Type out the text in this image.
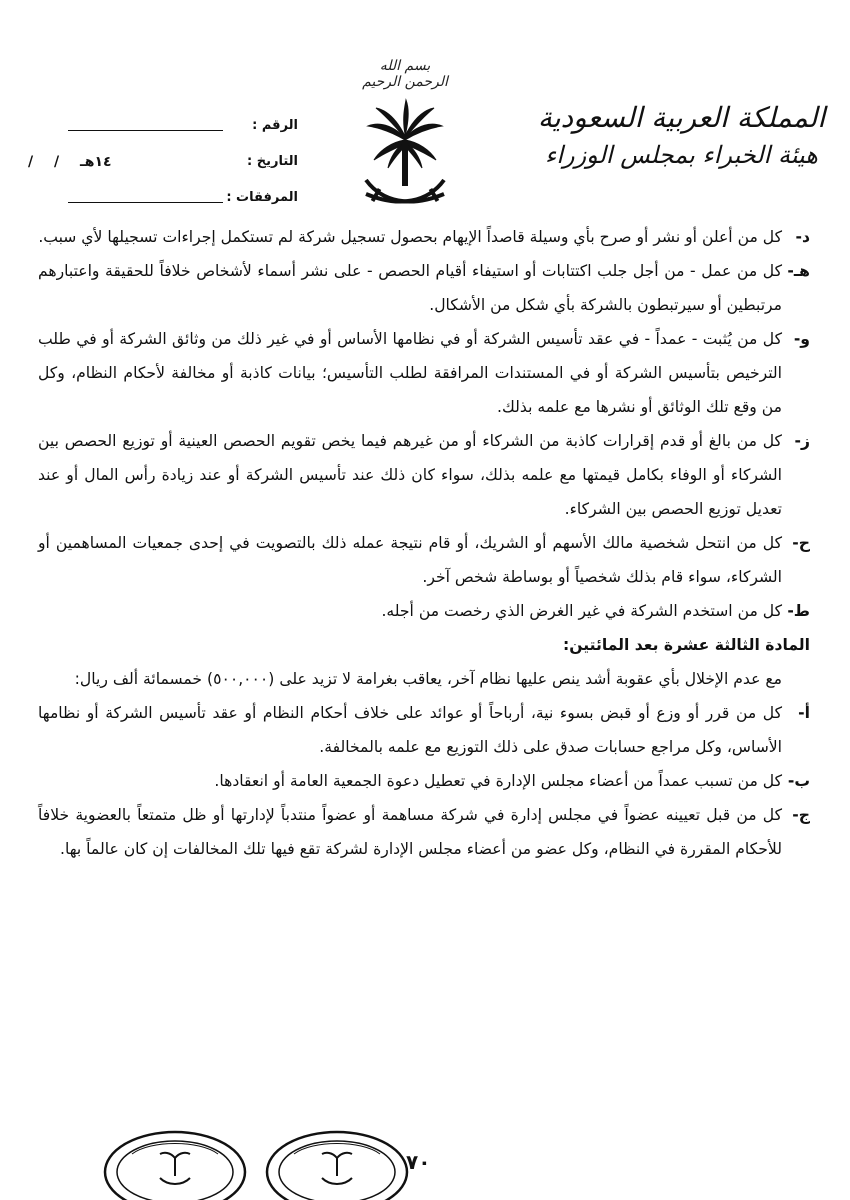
بسم الله الرحمن الرحيم
المملكة العربية السعودية
هيئة الخبراء بمجلس الوزراء
الرقم :
التاريخ :
/ / ١٤هـ
المرفقات :
د-
كل من أعلن أو نشر أو صرح بأي وسيلة قاصداً الإيهام بحصول تسجيل شركة لم تستكمل إجراءات تسجيلها لأي سبب.
هـ-
كل من عمل - من أجل جلب اكتتابات أو استيفاء أقيام الحصص - على نشر أسماء لأشخاص خلافاً للحقيقة واعتبارهم مرتبطين أو سيرتبطون بالشركة بأي شكل من الأشكال.
و-
كل من يُثبت - عمداً - في عقد تأسيس الشركة أو في نظامها الأساس أو في غير ذلك من وثائق الشركة أو في طلب الترخيص بتأسيس الشركة أو في المستندات المرافقة لطلب التأسيس؛ بيانات كاذبة أو مخالفة لأحكام النظام، وكل من وقع تلك الوثائق أو نشرها مع علمه بذلك.
ز-
كل من بالغ أو قدم إقرارات كاذبة من الشركاء أو من غيرهم فيما يخص تقويم الحصص العينية أو توزيع الحصص بين الشركاء أو الوفاء بكامل قيمتها مع علمه بذلك، سواء كان ذلك عند تأسيس الشركة أو عند زيادة رأس المال أو عند تعديل توزيع الحصص بين الشركاء.
ح-
كل من انتحل شخصية مالك الأسهم أو الشريك، أو قام نتيجة عمله ذلك بالتصويت في إحدى جمعيات المساهمين أو الشركاء، سواء قام بذلك شخصياً أو بوساطة شخص آخر.
ط-
كل من استخدم الشركة في غير الغرض الذي رخصت من أجله.
المادة الثالثة عشرة بعد المائتين:
مع عدم الإخلال بأي عقوبة أشد ينص عليها نظام آخر، يعاقب بغرامة لا تزيد على (٥٠٠,٠٠٠) خمسمائة ألف ريال:
أ-
كل من قرر أو وزع أو قبض بسوء نية، أرباحاً أو عوائد على خلاف أحكام النظام أو عقد تأسيس الشركة أو نظامها الأساس، وكل مراجع حسابات صدق على ذلك التوزيع مع علمه بالمخالفة.
ب-
كل من تسبب عمداً من أعضاء مجلس الإدارة في تعطيل دعوة الجمعية العامة أو انعقادها.
ج-
كل من قبل تعيينه عضواً في مجلس إدارة في شركة مساهمة أو عضواً منتدباً لإدارتها أو ظل متمتعاً بالعضوية خلافاً للأحكام المقررة في النظام، وكل عضو من أعضاء مجلس الإدارة لشركة تقع فيها تلك المخالفات إن كان عالماً بها.
٧٠
